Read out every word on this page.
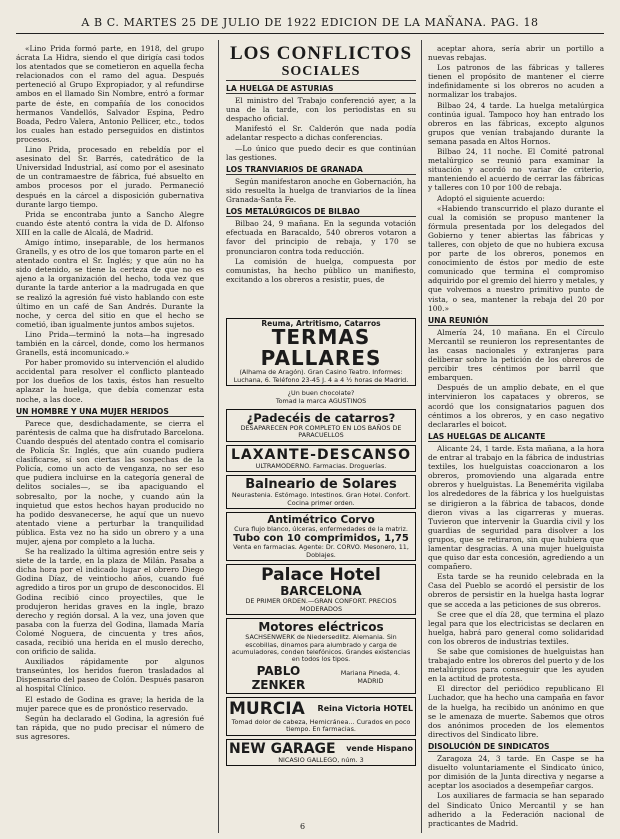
A B C. MARTES 25 DE JULIO DE 1922 EDICION DE LA MAÑANA. PAG. 18

«Lino Prida formó parte, en 1918, del grupo ácrata La Hidra, siendo el que dirigía casi todos los atentados que se cometieron en aquella fecha relacionados con el ramo del agua. Después perteneció al Grupo Expropiador, y al refundirse ambos en el llamado Sin Nombre, entró a formar parte de éste, en compañía de los conocidos hermanos Vandellós, Salvador Espina, Pedro Boada, Pedro Valera, Antonio Pellicer, etc., todos los cuales han estado perseguidos en distintos procesos.

Lino Prida, procesado en rebeldía por el asesinato del Sr. Barrés, catedrático de la Universidad Industrial, así como por el asesinato de un contramaestre de fábrica, fué absuelto en ambos procesos por el jurado. Permaneció después en la cárcel a disposición gubernativa durante largo tiempo.

Prida se encontraba junto a Sancho Alegre cuando éste atentó contra la vida de D. Alfonso XIII en la calle de Alcalá, de Madrid.

Amigo íntimo, inseparable, de los hermanos Granells, y es otro de los que tomaron parte en el atentado contra el Sr. Inglés; y que aún no ha sido detenido, se tiene la certeza de que no es ajeno a la organización del hecho, toda vez que durante la tarde anterior a la madrugada en que se realizó la agresión fué visto hablando con este último en un café de San Andrés. Durante la noche, y cerca del sitio en que el hecho se cometió, iban igualmente juntos ambos sujetos.

Lino Prida—terminó la nota—ha ingresado también en la cárcel, donde, como los hermanos Granells, está incomunicado.»

Por haber promovido su intervención el aludido accidental para resolver el conflicto planteado por los dueños de los taxis, éstos han resuelto aplazar la huelga, que debía comenzar esta noche, a las doce.

UN HOMBRE Y UNA MUJER HERIDOS

Parece que, desdichadamente, se cierra el paréntesis de calma que ha disfrutado Barcelona. Cuando después del atentado contra el comisario de Policía Sr. Inglés, que aún cuando pudiera clasificarse, sí son ciertas las sospechas de la Policía, como un acto de venganza, no ser eso que pudiera incluirse en la categoría general de delitos sociales—, se iba apaciguando el sobresalto, por la noche, y cuando aún la inquietud que estos hechos hayan producido no ha podido desvanecerse, he aquí que un nuevo atentado viene a perturbar la tranquilidad pública. Esta vez no ha sido un obrero y a una mujer, ajena por completo a la lucha.

Se ha realizado la última agresión entre seis y siete de la tarde, en la plaza de Milán. Pasaba a dicha hora por el indicado lugar el obrero Diego Godina Díaz, de veintiocho años, cuando fué agredido a tiros por un grupo de desconocidos. El Godina recibió cinco proyectiles, que le produjeron heridas graves en la ingle, brazo derecho y región dorsal. A la vez, una joven que pasaba con la fuerza del Godina, llamada María Colomé Noguera, de cincuenta y tres años, casada, recibió una herida en el muslo derecho, con orificio de salida.

Auxiliados rápidamente por algunos transeúntes, los heridos fueron trasladados al Dispensario del paseo de Colón. Después pasaron al hospital Clínico.

El estado de Godina es grave; la herida de la mujer parece que es de pronóstico reservado.

Según ha declarado el Godina, la agresión fué tan rápida, que no pudo precisar el número de sus agresores.

LOS CONFLICTOS
SOCIALES
LA HUELGA DE ASTURIAS

El ministro del Trabajo conferenció ayer, a la una de la tarde, con los periodistas en su despacho oficial.

Manifestó el Sr. Calderón que nada podía adelantar respecto a dichas conferencias.

—Lo único que puedo decir es que continúan las gestiones.

LOS TRANVIARIOS DE GRANADA

Según manifestaron anoche en Gobernación, ha sido resuelta la huelga de tranviarios de la línea Granada-Santa Fe.

LOS METALÚRGICOS DE BILBAO

Bilbao 24, 9 mañana. En la segunda votación efectuada en Baracaldo, 540 obreros votaron a favor del principio de rebaja, y 170 se pronunciaron contra toda reducción.

La comisión de huelga, compuesta por comunistas, ha hecho público un manifiesto, excitando a los obreros a resistir, pues, de

Reuma, Artritismo, Catarros
TERMAS PALLARES
(Alhama de Aragón). Gran Casino Teatro. Informes: Luchana, 6. Teléfono 23-45 J. 4 a 4 ½ horas de Madrid.
¿Un buen chocolate?
Tomad la marca AGUSTINOS
¿Padecéis de catarros?
DESAPARECEN POR COMPLETO EN LOS BAÑOS DE PARACUELLOS
LAXANTE-DESCANSO
ULTRAMODERNO. Farmacias. Droguerías.
Balneario de Solares
Neurastenia. Estómago. Intestinos. Gran Hotel. Confort. Cocina primer orden.
Antimétrico Corvo
Cura flujo blanco, úlceras, enfermedades de la matriz.
Tubo con 10 comprimidos, 1,75
Venta en farmacias. Agente: Dr. CORVO. Mesonero, 11, Doblajes.
Palace Hotel
BARCELONA
DE PRIMER ORDEN.—GRAN CONFORT. PRECIOS MODERADOS
Motores eléctricos
SACHSENWERK de Niedersedlitz. Alemania. Sin escobillas, dinamos para alumbrado y carga de acumuladores, conden telefónicos. Grandes existencias en todos los tipos.
PABLO ZENKER
Mariana Pineda, 4. MADRID
MURCIA Reina Victoria HOTEL
Tomad dolor de cabeza, Hemicránea... Curados en poco tiempo. En farmacias.
NEW GARAGE vende Hispano
NICASIO GALLEGO, núm. 3

aceptar ahora, sería abrir un portillo a nuevas rebajas.

Los patronos de las fábricas y talleres tienen el propósito de mantener el cierre indefinidamente si los obreros no acuden a normalizar los trabajos.

Bilbao 24, 4 tarde. La huelga metalúrgica continúa igual. Tampoco hoy han entrado los obreros en las fábricas, excepto algunos grupos que venían trabajando durante la semana pasada en Altos Hornos.

Bilbao 24, 11 noche. El Comité patronal metalúrgico se reunió para examinar la situación y acordó no variar de criterio, manteniendo el acuerdo de cerrar las fábricas y talleres con 10 por 100 de rebaja.

Adoptó el siguiente acuerdo:

«Habiendo transcurrido el plazo durante el cual la comisión se propuso mantener la fórmula presentada por los delegados del Gobierno y tener abiertas las fábricas y talleres, con objeto de que no hubiera excusa por parte de los obreros, ponemos en conocimiento de éstos por medio de este comunicado que termina el compromiso adquirido por el gremio del hierro y metales, y que volvemos a nuestro primitivo punto de vista, o sea, mantener la rebaja del 20 por 100.»

UNA REUNIÓN

Almería 24, 10 mañana. En el Círculo Mercantil se reunieron los representantes de las casas nacionales y extranjeras para deliberar sobre la petición de los obreros de percibir tres céntimos por barril que embarquen.

Después de un amplio debate, en el que intervinieron los capataces y obreros, se acordó que los consignatarios paguen dos céntimos a los obreros, y en caso negativo declararles el boicot.

LAS HUELGAS DE ALICANTE

Alicante 24, 1 tarde. Esta mañana, a la hora de entrar al trabajo en la fábrica de industrias textiles, los huelguistas coaccionaron a los obreros, promoviendo una algarada entre obreros y huelguistas. La Benemérita vigilaba los alrededores de la fábrica y los huelguistas se dirigieron a la fábrica de tabacos, donde dieron vivas a las cigarreras y mueras. Tuvieron que intervenir la Guardia civil y los guardias de seguridad para disolver a los grupos, que se retiraron, sin que hubiera que lamentar desgracias. A una mujer huelguista que quiso dar esta concesión, agrediendo a un compañero.

Esta tarde se ha reunido celebrada en la Casa del Pueblo se acordó el persistir de los obreros de persistir en la huelga hasta lograr que se acceda a las peticiones de sus obreros.

Se cree que el día 28, que termina el plazo legal para que los electricistas se declaren en huelga, habrá paro general como solidaridad con los obreros de industrias textiles.

Se sabe que comisiones de huelguistas han trabajado entre los obreros del puerto y de los metalúrgicos para conseguir que les ayuden en la actitud de protesta.

El director del periódico republicano El Luchador, que ha hecho una campaña en favor de la huelga, ha recibido un anónimo en que se le amenaza de muerte. Sabemos que otros dos anónimos proceden de los elementos directivos del Sindicato libre.

DISOLUCIÓN DE SINDICATOS

Zaragoza 24, 3 tarde. En Caspe se ha disuelto voluntariamente el Sindicato único, por dimisión de la Junta directiva y negarse a aceptar los asociados a desempeñar cargos.

Los auxiliares de farmacia se han separado del Sindicato Único Mercantil y se han adherido a la Federación nacional de practicantes de Madrid.

6
